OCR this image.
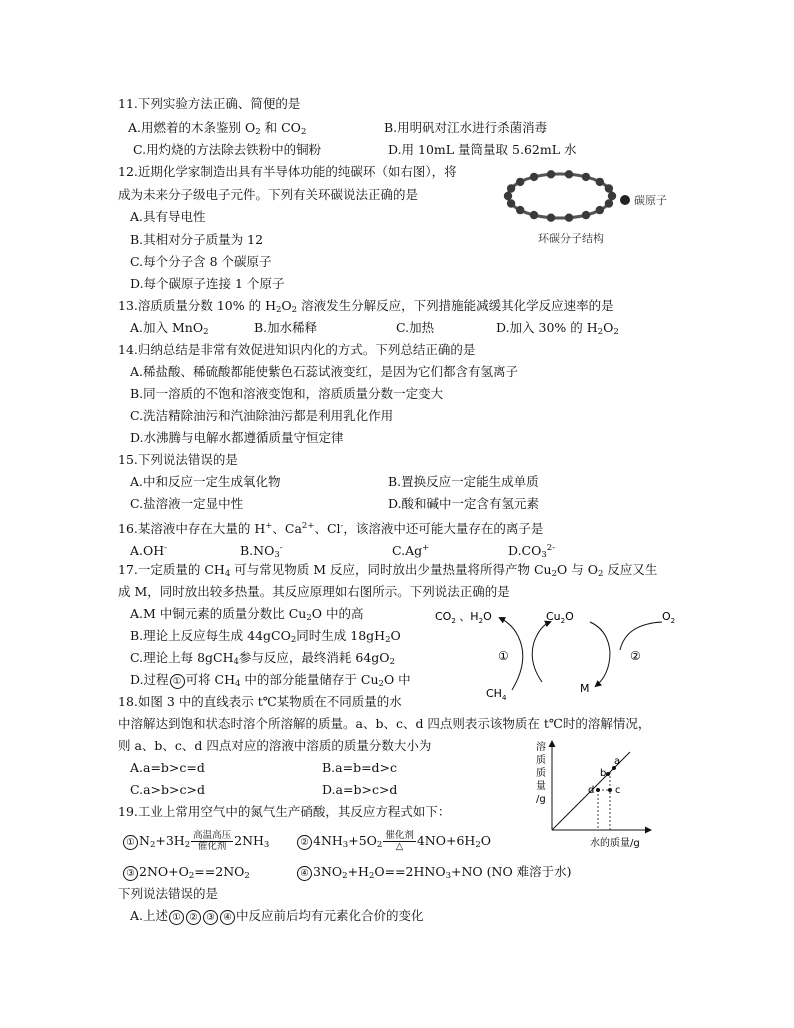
11.下列实验方法正确、简便的是
A.用燃着的木条鉴别 $O_2$ 和 $CO_2$	B.用明矾对江水进行杀菌消毒
C.用灼烧的方法除去铁粉中的铜粉	D.用 10mL 量筒量取 5.62mL 水
12.近期化学家制造出具有半导体功能的纯碳环（如右图），将
成为未来分子级电子元件。下列有关环碳说法正确的是
A.具有导电性
B.其相对分子质量为 12
C.每个分子含 8 个碳原子
D.每个碳原子连接 1 个原子
碳原子
环碳分子结构
13.溶质质量分数 10% 的 $H_2O_2$ 溶液发生分解反应，下列措施能减缓其化学反应速率的是
A.加入 MnO$_2$	B.加水稀释	C.加热	D.加入 30% 的 $H_2O_2$
14.归纳总结是非常有效促进知识内化的方式。下列总结正确的是
A.稀盐酸、稀硫酸都能使紫色石蕊试液变红，是因为它们都含有氢离子
B.同一溶质的不饱和溶液变饱和，溶质质量分数一定变大
C.洗洁精除油污和汽油除油污都是利用乳化作用
D.水沸腾与电解水都遵循质量守恒定律
15.下列说法错误的是
A.中和反应一定生成氧化物	B.置换反应一定能生成单质
C.盐溶液一定显中性	D.酸和碱中一定含有氢元素
16.某溶液中存在大量的 H+、$Ca^{2+}$、Cl-，该溶液中还可能大量存在的离子是
A.OH-	$B.NO_3^-$	C.Ag+	$D.CO_3^{2-}$
17.一定质量的 $CH_4$ 可与常见物质 M 反应，同时放出少量热量将所得产物 $Cu_2O$ 与 $O_2$ 反应又生
成 M，同时放出较多热量。其反应原理如右图所示。下列说法正确的是
A.M 中铜元素的质量分数比 $Cu_2O$ 中的高
B.理论上反应每生成 44gCO$_2$同时生成 $18gH_2O$
C.理论上每 8gCH$_4$参与反应，最终消耗 $64gO_2$
D.过程 ① 可将 $CH_4$ 中的部分能量储存于 $Cu_2O$ 中
$CO_2$ 、$H_2O$	$Cu_2O$	$O_2$
$CH_4$
M
①	②
18.如图 3 中的直线表示 t℃某物质在不同质量的水
中溶解达到饱和状态时溶个所溶解的质量。a、b、c、d 四点则表示该物质在 t℃时的溶解情况，
则 a、b、c、d 四点对应的溶液中溶质的质量分数大小为
A.a=b>c=d	B.a=b=d>c
C.a>b>c>d	D.a=b>c>d
溶
质
质
量
/g
a
b
d c
水的质量/g
19.工业上常用空气中的氮气生产硝酸，其反应方程式如下：
① $N_2+3H_2$
高温高压
催化剂 $2NH_3$	② $4NH_3+5O_2$
催化剂
△	$4NO+6H_2O$
③ $2NO+O_2==2NO_2$	④ $3NO_2+H_2O==2HNO_3+NO$ (NO 难溶于水)
下列说法错误的是
A.上述 ① ② ③ ④ 中反应前后均有元素化合价的变化
